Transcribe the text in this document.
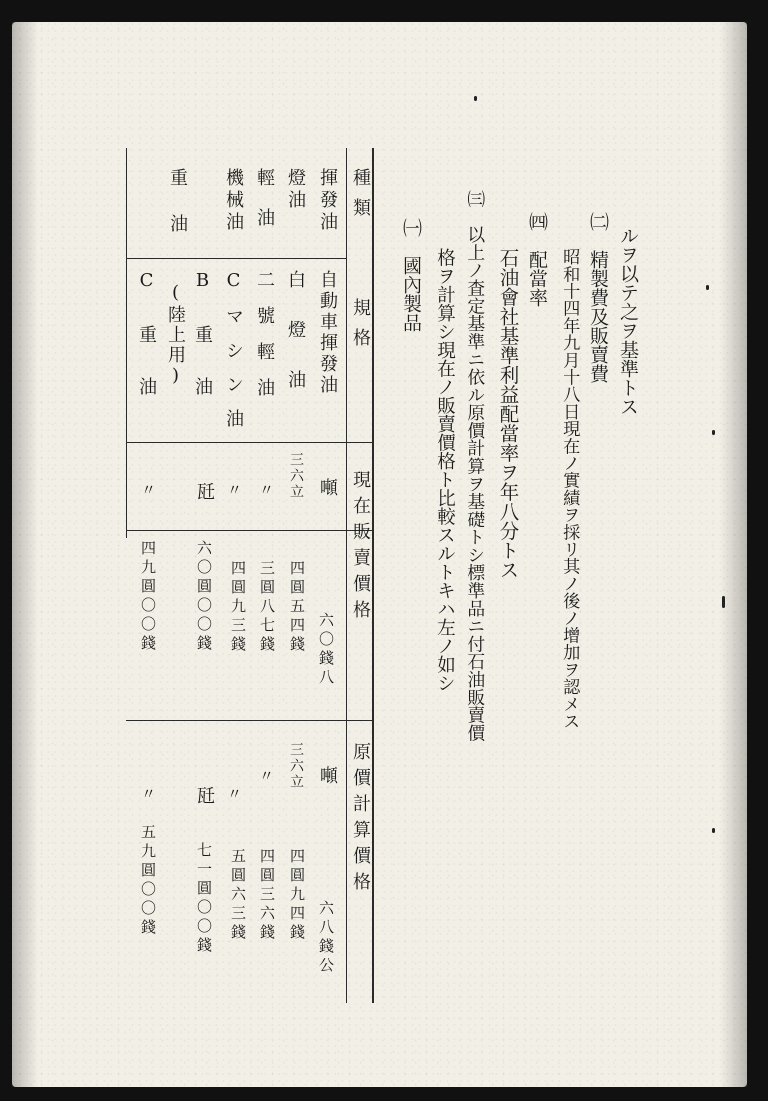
ルヲ以テ之ヲ基準トス
㈡　精製費及販賣費
昭和十四年九月十八日現在ノ實績ヲ採リ其ノ後ノ增加ヲ認メス
㈣　配當率
石油會社基準利益配當率ヲ年八分トス
㈢　以上ノ査定基準ニ依ル原價計算ヲ基礎トシ標準品ニ付石油販賣價
格ヲ計算シ現在ノ販賣價格ト比較スルトキハ左ノ如シ
㈠　國內製品
種類
規格
現在販賣價格
原價計算價格
揮發油
燈油
輕油
機械油
重油
自動車揮發油
白燈油
二號輕油
Cマシン油
B重油
(陸上用)
C重油
噸
三六立
六〇錢八
四圓五四錢
三圓八七錢
四圓九三錢
〃
〃
瓩
六〇圓〇〇錢
〃
四九圓〇〇錢
噸
三六立
六八錢公
四圓九四錢
四圓三六錢
五圓六三錢
〃
〃
瓩
七一圓〇〇錢
〃
五九圓〇〇錢
